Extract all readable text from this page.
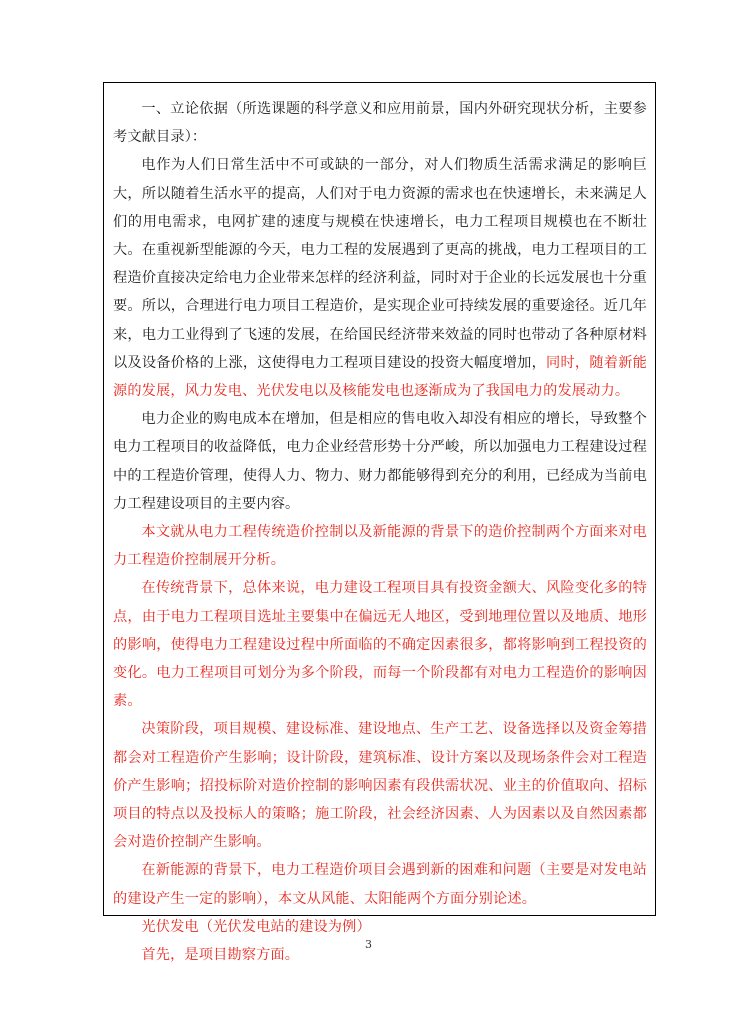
一、立论依据（所选课题的科学意义和应用前景，国内外研究现状分析，主要参考文献目录）：

电作为人们日常生活中不可或缺的一部分，对人们物质生活需求满足的影响巨大，所以随着生活水平的提高，人们对于电力资源的需求也在快速增长，未来满足人们的用电需求，电网扩建的速度与规模在快速增长，电力工程项目规模也在不断壮大。在重视新型能源的今天，电力工程的发展遇到了更高的挑战，电力工程项目的工程造价直接决定给电力企业带来怎样的经济利益，同时对于企业的长远发展也十分重要。所以，合理进行电力项目工程造价，是实现企业可持续发展的重要途径。近几年来，电力工业得到了飞速的发展，在给国民经济带来效益的同时也带动了各种原材料以及设备价格的上涨，这使得电力工程项目建设的投资大幅度增加，同时，随着新能源的发展，风力发电、光伏发电以及核能发电也逐渐成为了我国电力的发展动力。

电力企业的购电成本在增加，但是相应的售电收入却没有相应的增长，导致整个电力工程项目的收益降低，电力企业经营形势十分严峻，所以加强电力工程建设过程中的工程造价管理，使得人力、物力、财力都能够得到充分的利用，已经成为当前电力工程建设项目的主要内容。

本文就从电力工程传统造价控制以及新能源的背景下的造价控制两个方面来对电力工程造价控制展开分析。

在传统背景下，总体来说，电力建设工程项目具有投资金额大、风险变化多的特点，由于电力工程项目选址主要集中在偏远无人地区，受到地理位置以及地质、地形的影响，使得电力工程建设过程中所面临的不确定因素很多，都将影响到工程投资的变化。电力工程项目可划分为多个阶段，而每一个阶段都有对电力工程造价的影响因素。

决策阶段，项目规模、建设标准、建设地点、生产工艺、设备选择以及资金筹措都会对工程造价产生影响；设计阶段，建筑标准、设计方案以及现场条件会对工程造价产生影响；招投标阶对造价控制的影响因素有段供需状况、业主的价值取向、招标项目的特点以及投标人的策略；施工阶段，社会经济因素、人为因素以及自然因素都会对造价控制产生影响。

在新能源的背景下，电力工程造价项目会遇到新的困难和问题（主要是对发电站的建设产生一定的影响），本文从风能、太阳能两个方面分别论述。

光伏发电（光伏发电站的建设为例）

首先，是项目勘察方面。

3
